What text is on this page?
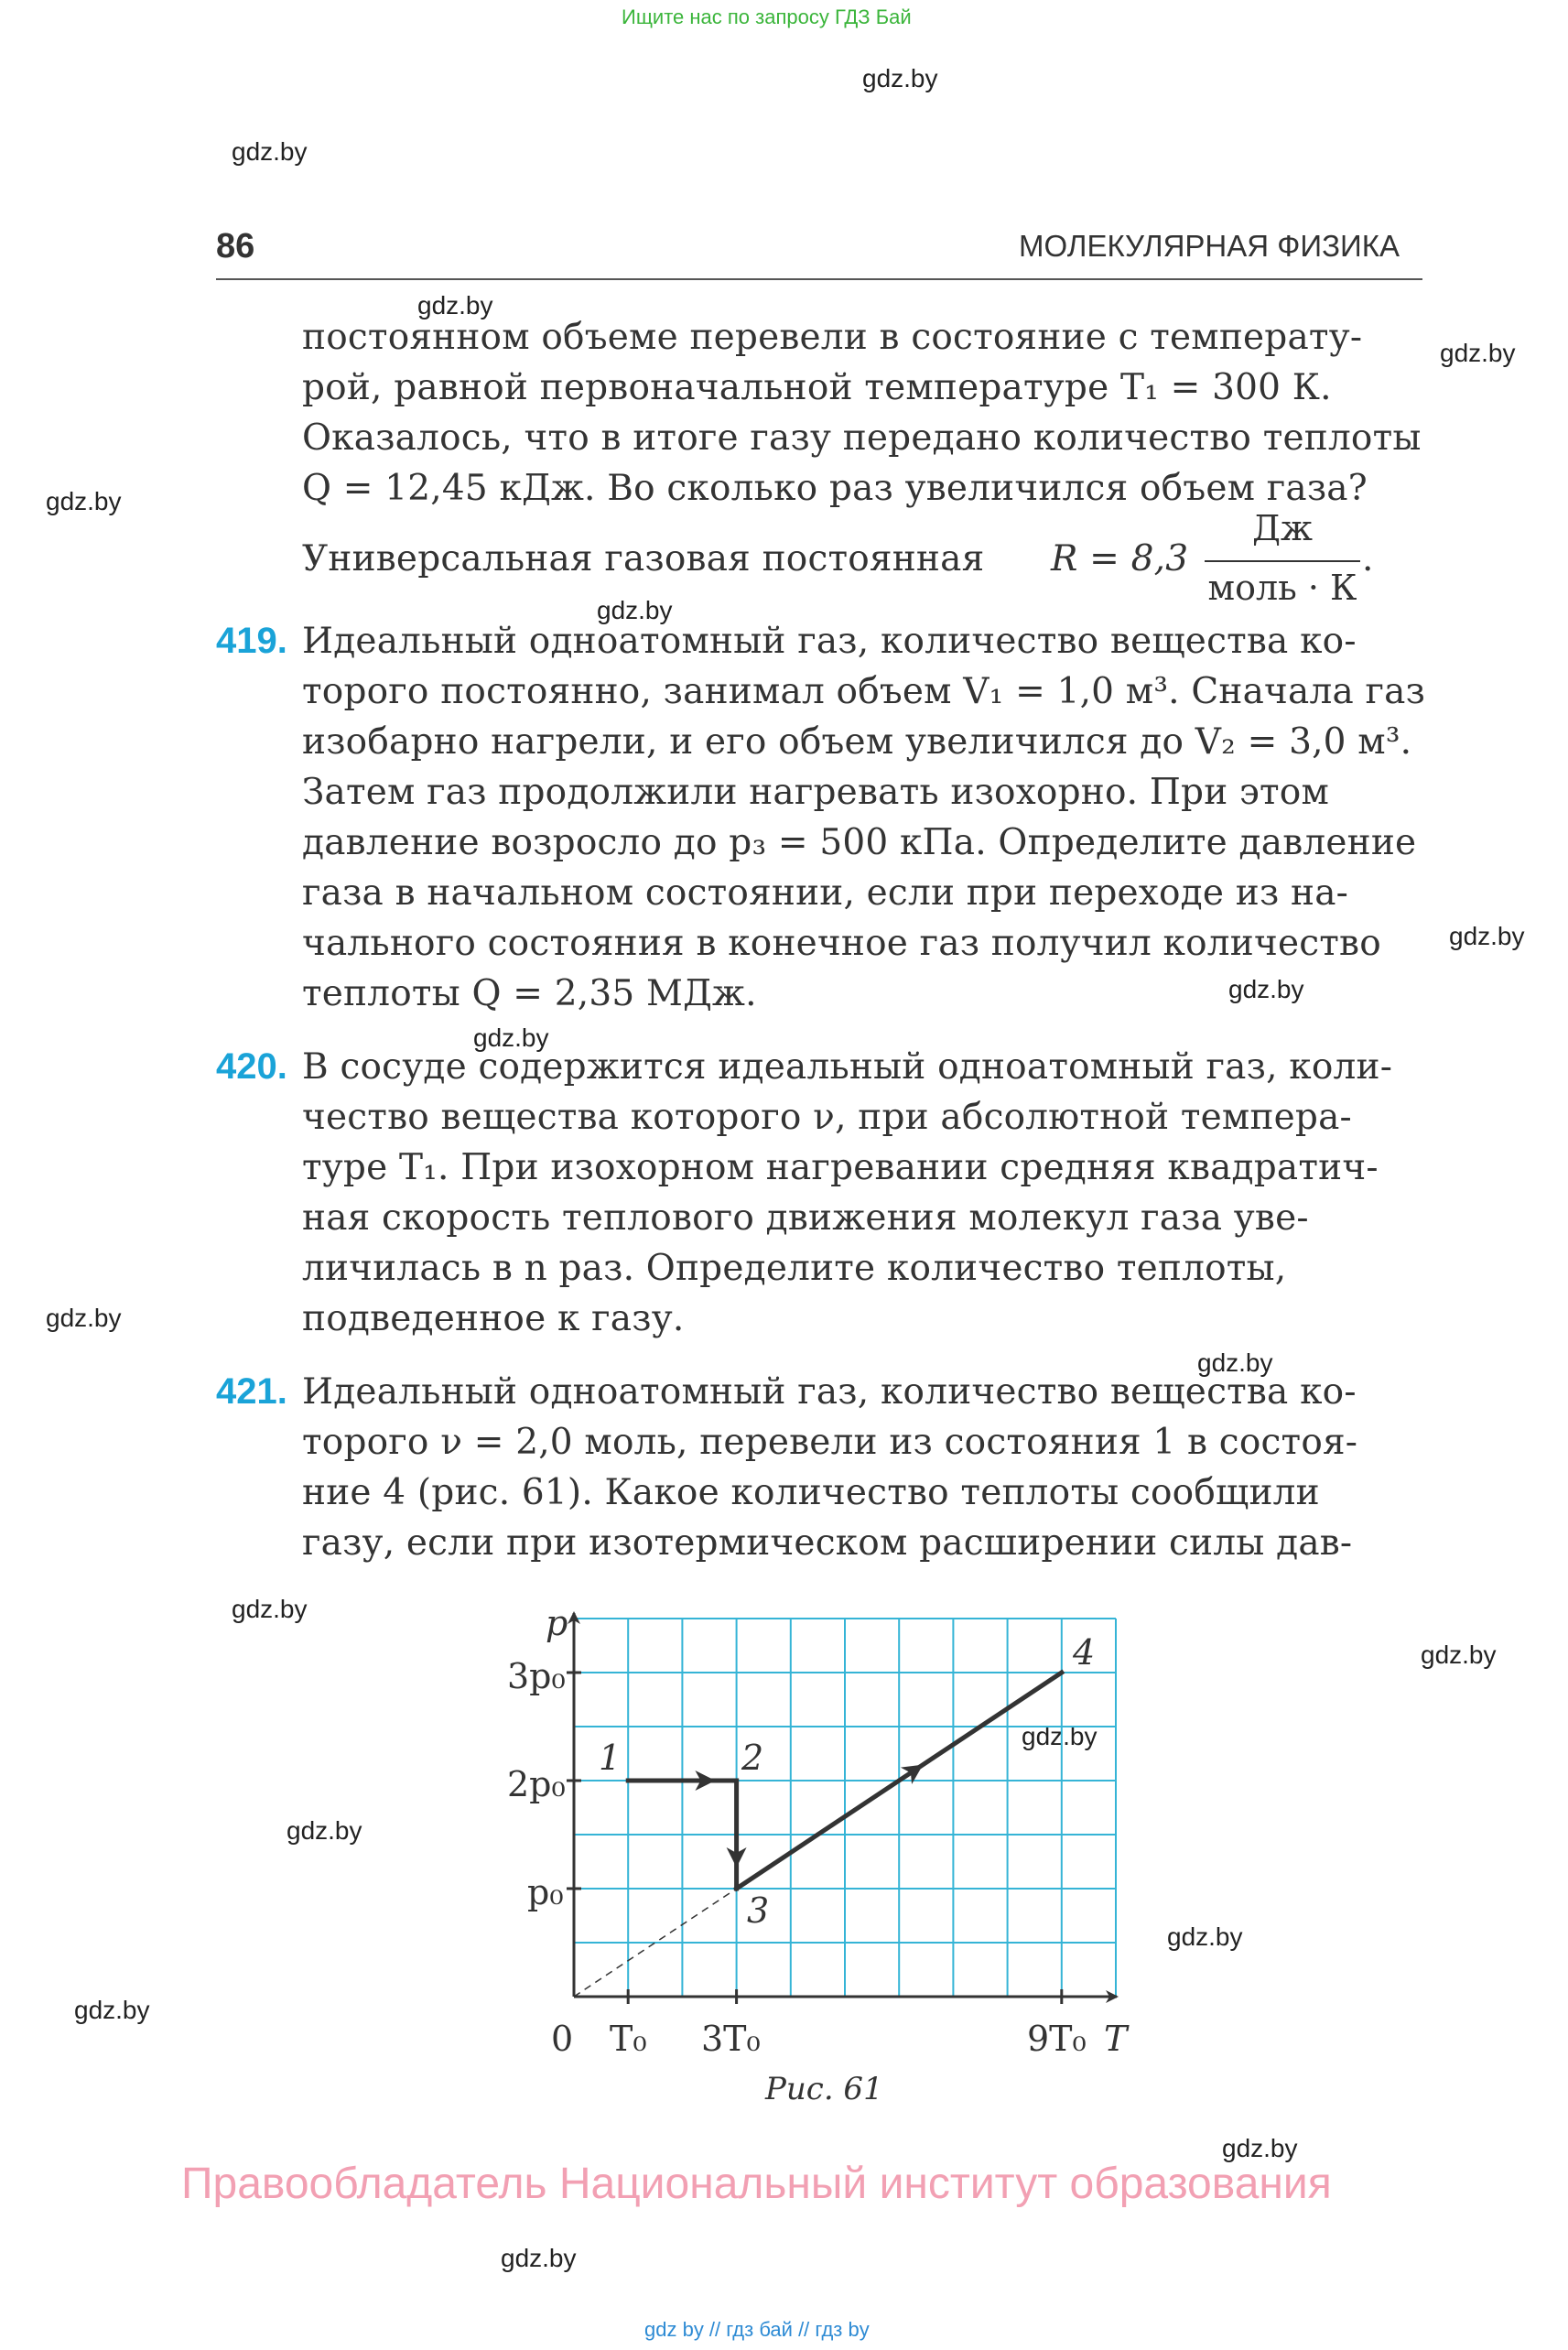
Ищите нас по запросу ГДЗ Бай
gdz.by
gdz.by
gdz.by
gdz.by
gdz.by
gdz.by
gdz.by
gdz.by
gdz.by
gdz.by
gdz.by
gdz.by
gdz.by
gdz.by
gdz.by
gdz.by
gdz.by
gdz.by
gdz.by
86	МОЛЕКУЛЯРНАЯ ФИЗИКА
постоянном объеме перевели в состояние с температу-
рой, равной первоначальной температуре T₁ = 300 К.
Оказалось, что в итоге газу передано количество теплоты
Q = 12,45 кДж. Во сколько раз увеличился объем газа?
Универсальная газовая постоянная R = 8,3
Дж
моль · К
.
419. Идеальный одноатомный газ, количество вещества ко-
торого постоянно, занимал объем V₁ = 1,0 м³. Сначала газ
изобарно нагрели, и его объем увеличился до V₂ = 3,0 м³.
Затем газ продолжили нагревать изохорно. При этом
давление возросло до p₃ = 500 кПа. Определите давление
газа в начальном состоянии, если при переходе из на-
чального состояния в конечное газ получил количество
теплоты Q = 2,35 МДж.
420. В сосуде содержится идеальный одноатомный газ, коли-
чество вещества которого ν, при абсолютной темпера-
туре T₁. При изохорном нагревании средняя квадратич-
ная скорость теплового движения молекул газа уве-
личилась в n раз. Определите количество теплоты,
подведенное к газу.
421. Идеальный одноатомный газ, количество вещества ко-
торого ν = 2,0 моль, перевели из состояния 1 в состоя-
ние 4 (рис. 61). Какое количество теплоты сообщили
газу, если при изотермическом расширении силы дав-
p
T
3p₀
2p₀
p₀
0 T₀ 3T₀	9T₀
1	2
3
4
Рис. 61
Правообладатель Национальный институт образования
gdz by // гдз бай // гдз by
